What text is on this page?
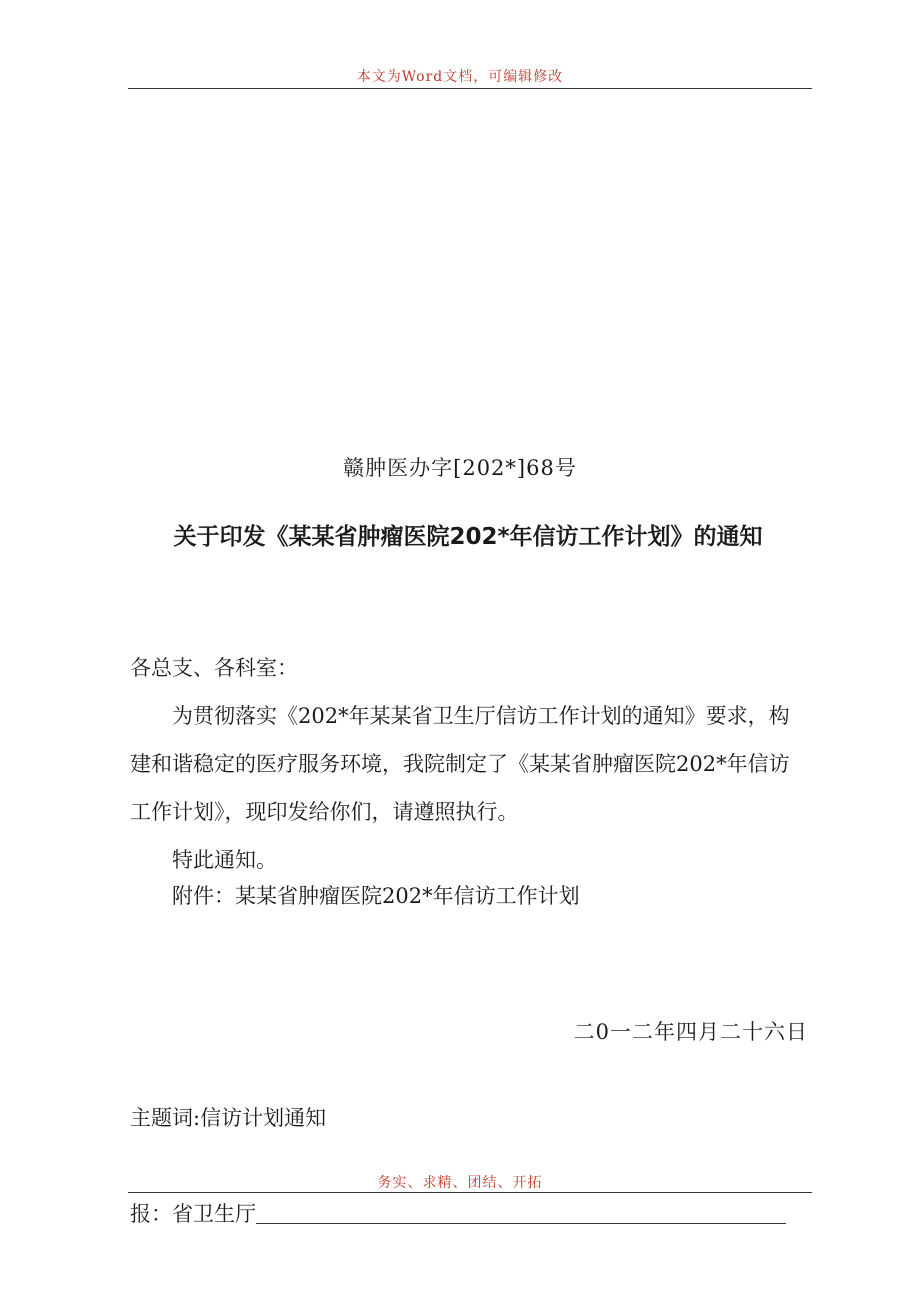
本文为Word文档，可编辑修改
赣肿医办字[202*]68号
关于印发《某某省肿瘤医院202*年信访工作计划》的通知
各总支、各科室：
为贯彻落实《202*年某某省卫生厅信访工作计划的通知》要求，构建和谐稳定的医疗服务环境，我院制定了《某某省肿瘤医院202*年信访工作计划》，现印发给你们，请遵照执行。
特此通知。
附件：某某省肿瘤医院202*年信访工作计划
二0一二年四月二十六日
主题词:信访计划通知
务实、求精、团结、开拓
报：省卫生厅
